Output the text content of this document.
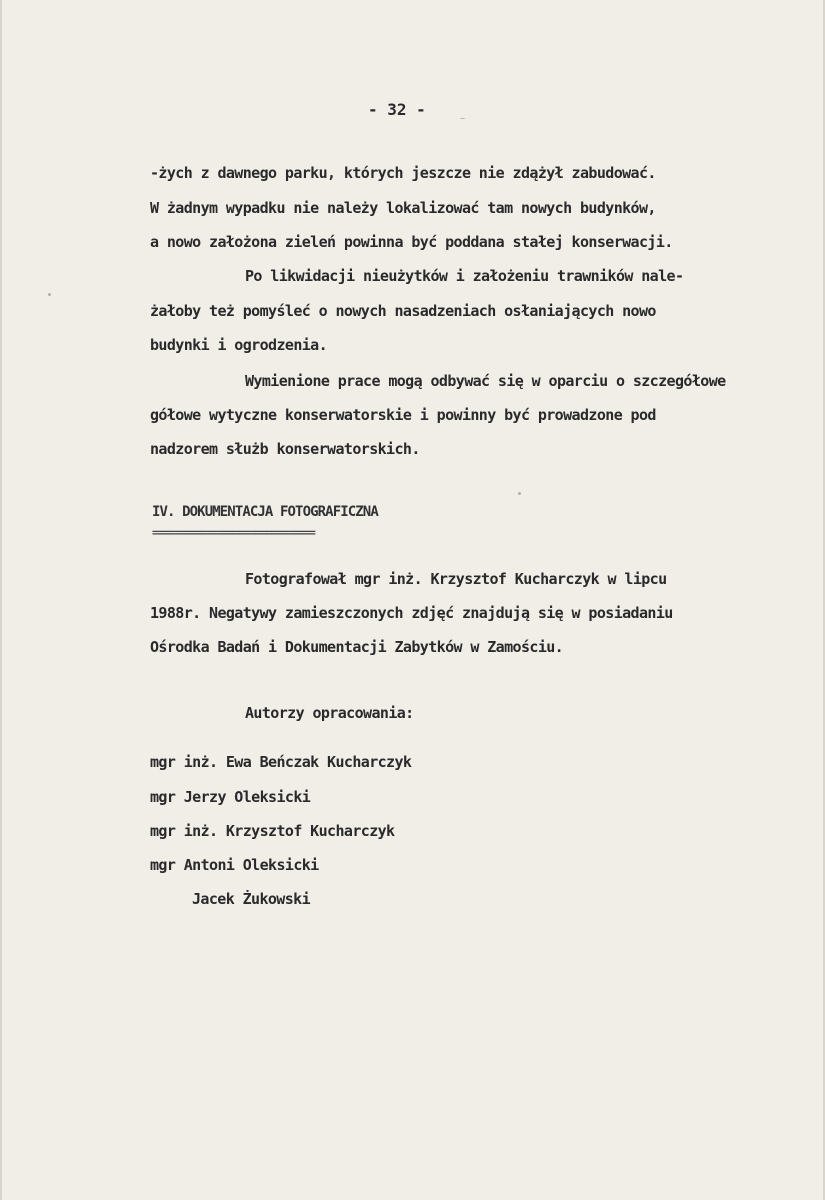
- 32 -
-żych z dawnego parku, których jeszcze nie zdążył zabudować.
W żadnym wypadku nie należy lokalizować tam nowych budynków,
a nowo założona zieleń powinna być poddana stałej konserwacji.
Po likwidacji nieużytków i założeniu trawników nale-
żałoby też pomyśleć o nowych nasadzeniach osłaniających nowo
budynki i ogrodzenia.
Wymienione prace mogą odbywać się w oparciu o szczegółowe
gółowe wytyczne konserwatorskie i powinny być prowadzone pod
nadzorem służb konserwatorskich.
IV. DOKUMENTACJA FOTOGRAFICZNA
==============================
Fotografował mgr inż. Krzysztof Kucharczyk w lipcu
1988r. Negatywy zamieszczonych zdjęć znajdują się w posiadaniu
Ośrodka Badań i Dokumentacji Zabytków w Zamościu.
Autorzy opracowania:
mgr inż. Ewa Beńczak Kucharczyk
mgr Jerzy Oleksicki
mgr inż. Krzysztof Kucharczyk
mgr Antoni Oleksicki
Jacek Żukowski
